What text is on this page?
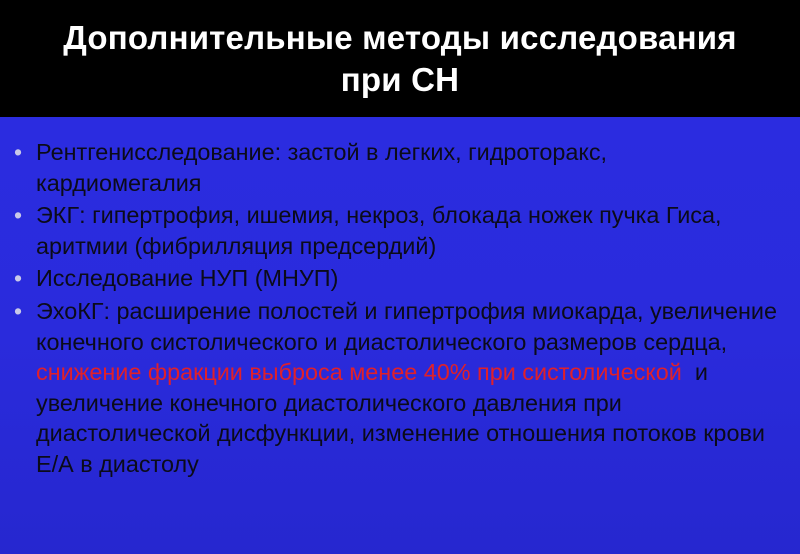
Дополнительные методы исследования
при СН
• Рентгенисследование: застой в легких, гидроторакс, кардиомегалия
• ЭКГ: гипертрофия, ишемия, некроз, блокада ножек пучка Гиса, аритмии (фибрилляция предсердий)
• Исследование НУП (МНУП)
• ЭхоКГ: расширение полостей и гипертрофия миокарда, увеличение конечного систолического и диастолического размеров сердца, снижение фракции выброса менее 40% при систолической  и увеличение конечного диастолического давления при диастолической дисфункции, изменение отношения потоков крови Е/А в диастолу
